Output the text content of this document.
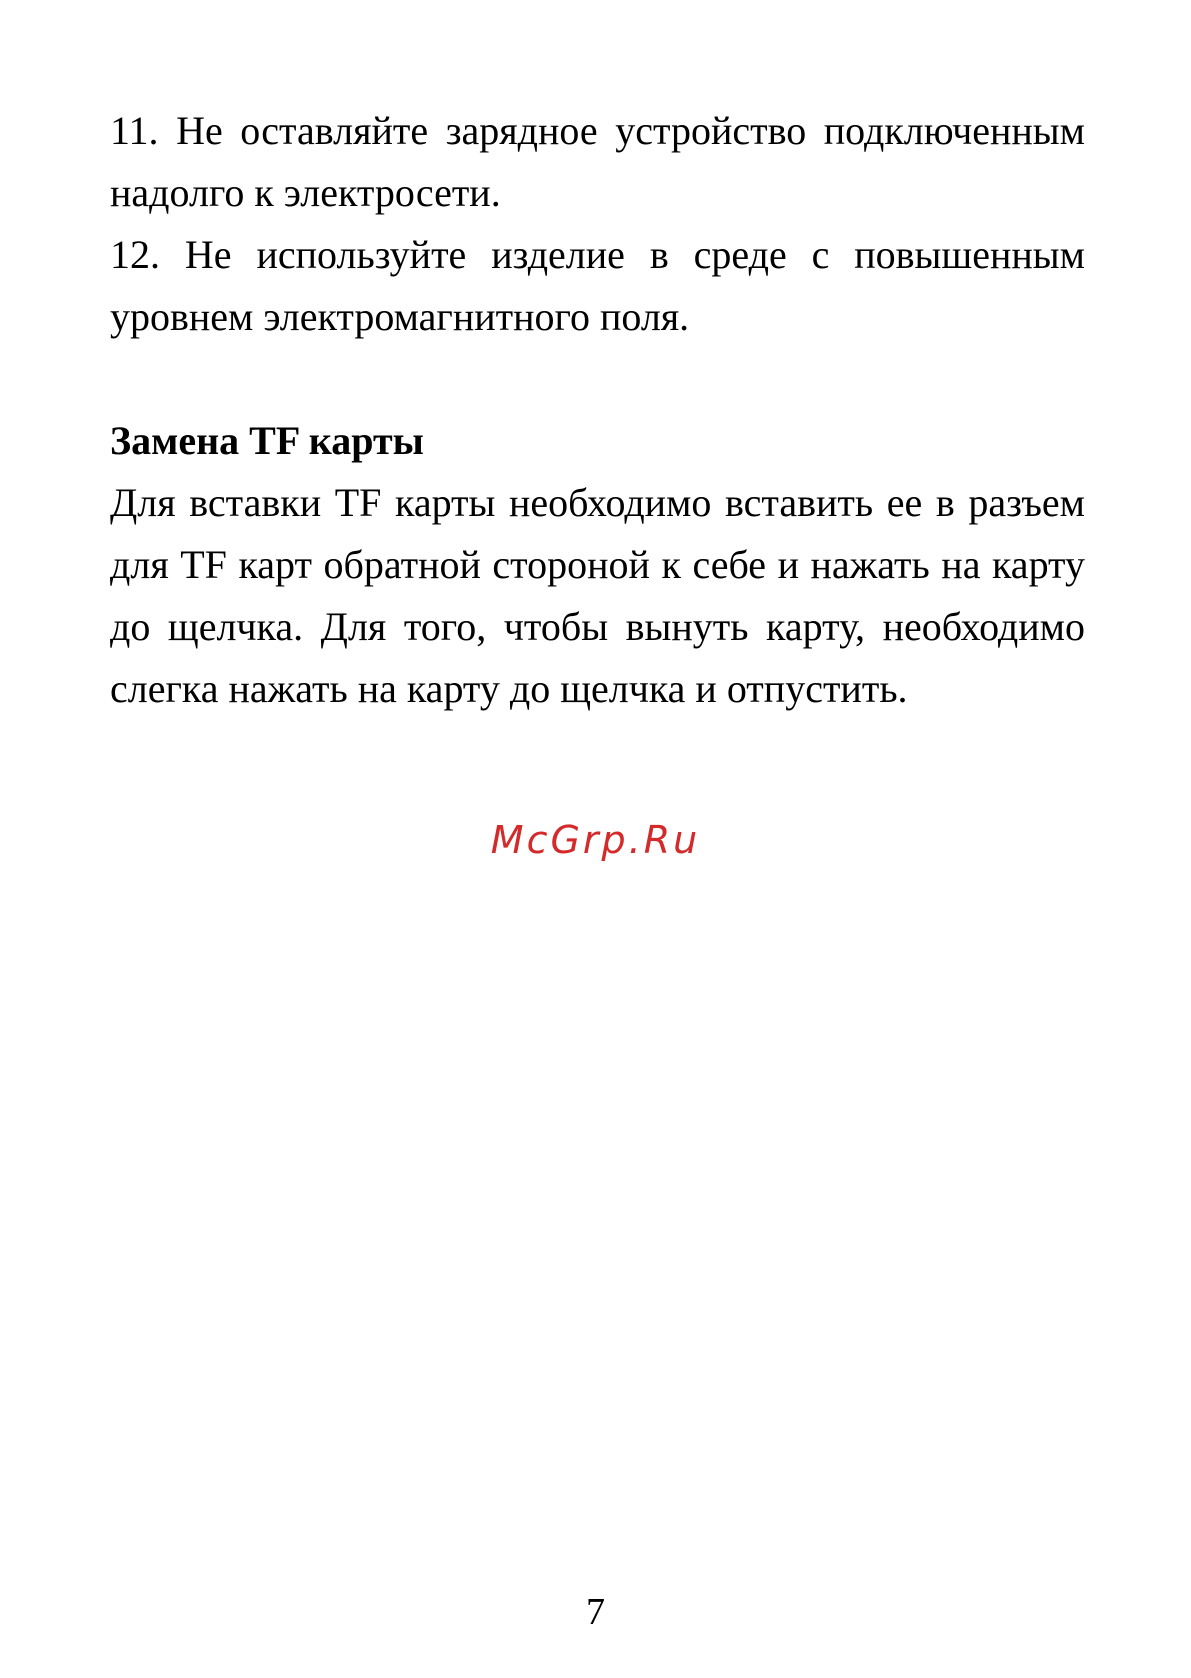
11. Не оставляйте зарядное устройство подключенным надолго к электросети.

12. Не используйте изделие в среде с повышенным уровнем электромагнитного поля.

Замена TF карты

Для вставки TF карты необходимо вставить ее в разъем для TF карт обратной стороной к себе и нажать на карту до щелчка. Для того, чтобы вынуть карту, необходимо слегка нажать на карту до щелчка и отпустить.

McGrp.Ru
7
